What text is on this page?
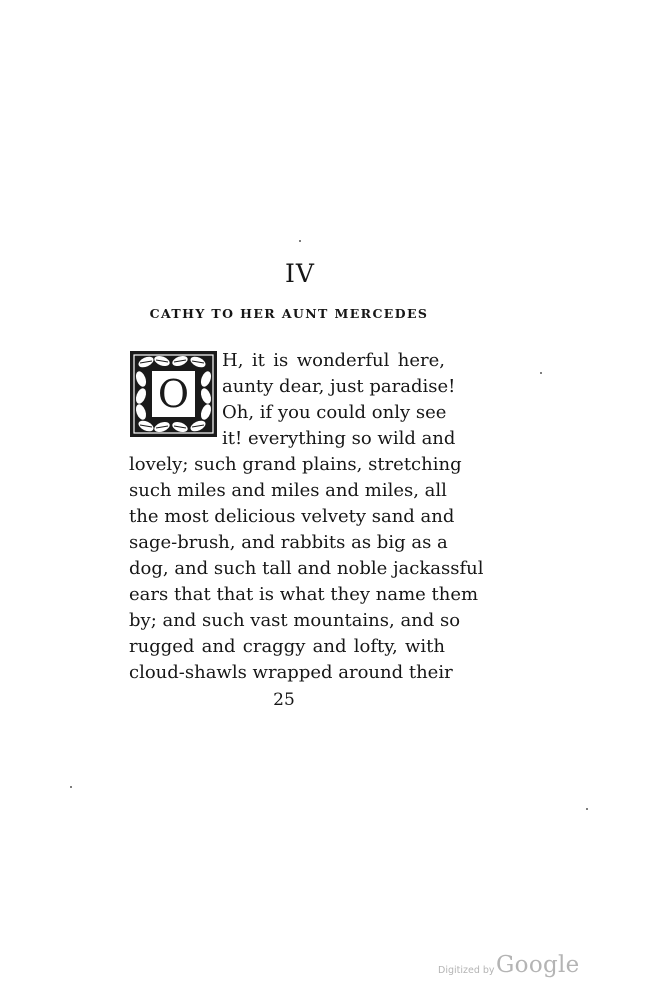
IV
CATHY TO HER AUNT MERCEDES
O
H, it is wonderful here,
aunty dear, just paradise!
Oh, if you could only see
it! everything so wild and
lovely; such grand plains, stretching
such miles and miles and miles, all
the most delicious velvety sand and
sage-brush, and rabbits as big as a
dog, and such tall and noble jackassful
ears that that is what they name them
by; and such vast mountains, and so
rugged and craggy and lofty, with
cloud-shawls wrapped around their
25
Digitized by Google
